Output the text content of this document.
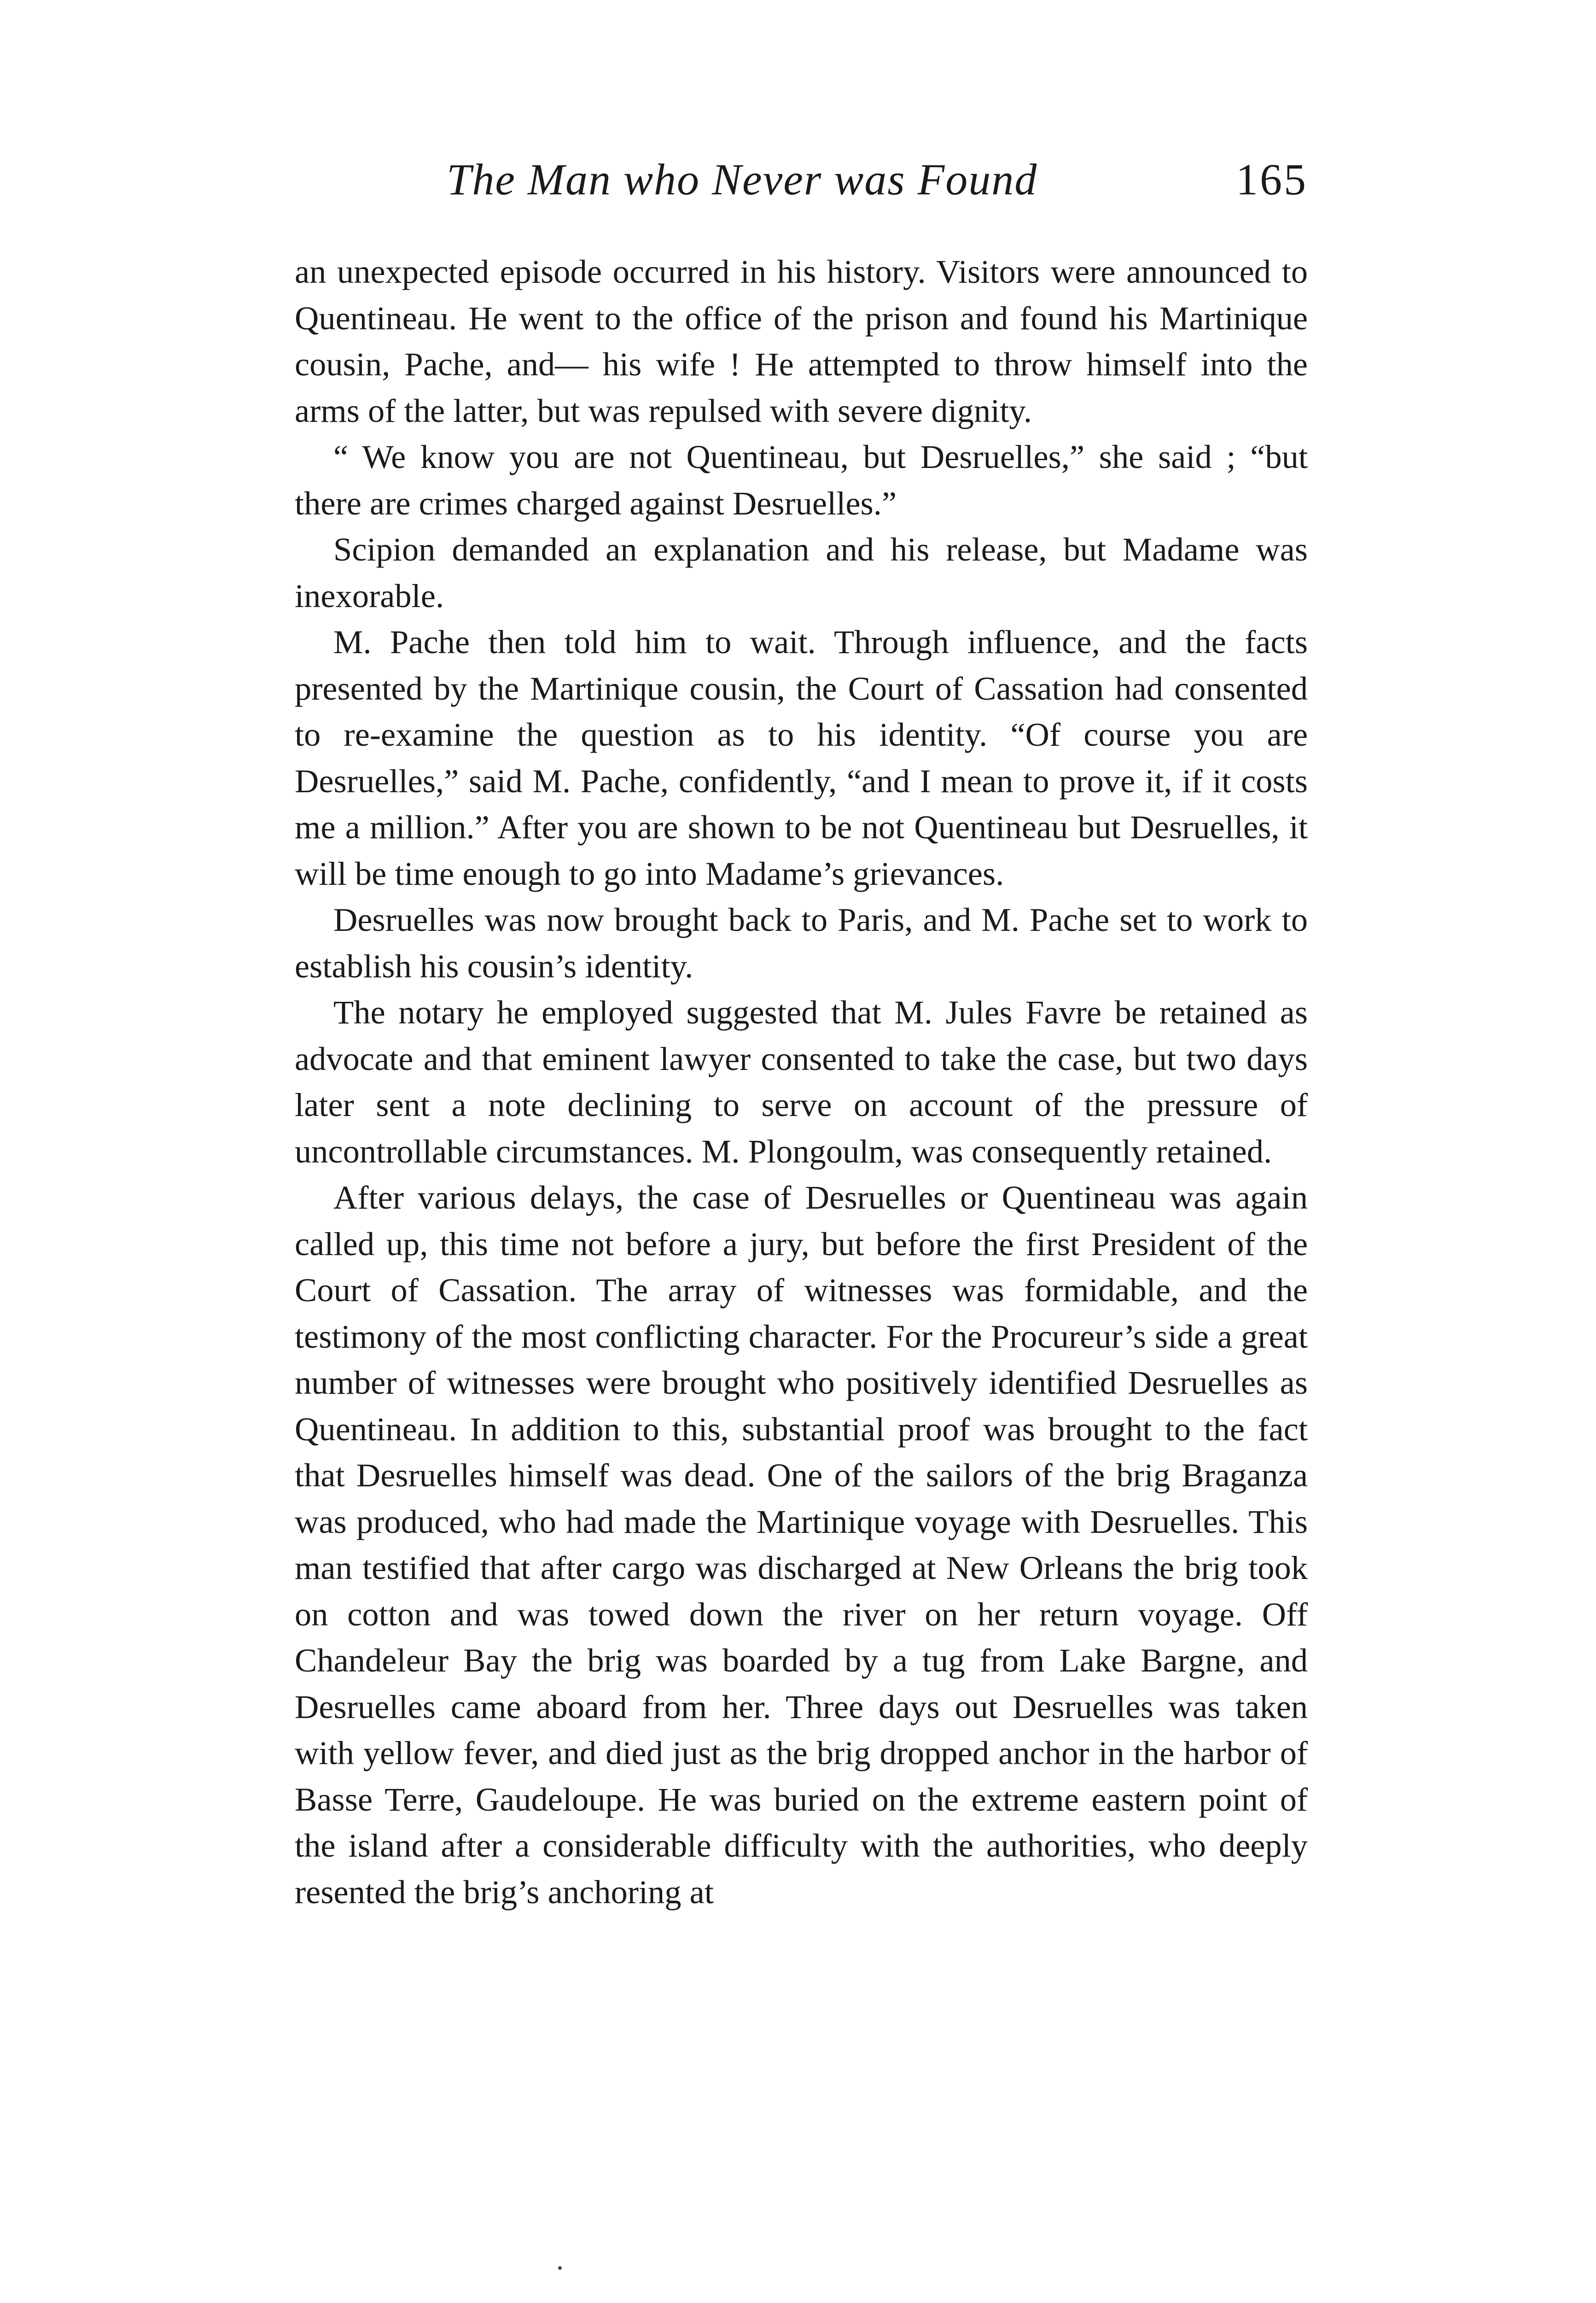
The Man who Never was Found	165

an unexpected episode occurred in his history. Visitors were announced to Quentineau. He went to the office of the prison and found his Martinique cousin, Pache, and— his wife ! He attempted to throw himself into the arms of the latter, but was repulsed with severe dignity.

“ We know you are not Quentineau, but Desruelles,” she said ; “but there are crimes charged against Desruelles.”

Scipion demanded an explanation and his release, but Madame was inexorable.

M. Pache then told him to wait. Through influence, and the facts presented by the Martinique cousin, the Court of Cassation had consented to re-examine the question as to his identity. “Of course you are Desruelles,” said M. Pache, confidently, “and I mean to prove it, if it costs me a million.” After you are shown to be not Quentineau but Desruelles, it will be time enough to go into Madame’s grievances.

Desruelles was now brought back to Paris, and M. Pache set to work to establish his cousin’s identity.

The notary he employed suggested that M. Jules Favre be retained as advocate and that eminent lawyer consented to take the case, but two days later sent a note declining to serve on account of the pressure of uncontrollable circumstances. M. Plongoulm, was consequently retained.

After various delays, the case of Desruelles or Quentineau was again called up, this time not before a jury, but before the first President of the Court of Cassation. The array of witnesses was formidable, and the testimony of the most conflicting character. For the Procureur’s side a great number of witnesses were brought who positively identified Desruelles as Quentineau. In addition to this, substantial proof was brought to the fact that Desruelles himself was dead. One of the sailors of the brig Braganza was produced, who had made the Martinique voyage with Desruelles. This man testified that after cargo was discharged at New Orleans the brig took on cotton and was towed down the river on her return voyage. Off Chandeleur Bay the brig was boarded by a tug from Lake Bargne, and Desruelles came aboard from her. Three days out Desruelles was taken with yellow fever, and died just as the brig dropped anchor in the harbor of Basse Terre, Gaudeloupe. He was buried on the extreme eastern point of the island after a considerable difficulty with the authorities, who deeply resented the brig’s anchoring at
